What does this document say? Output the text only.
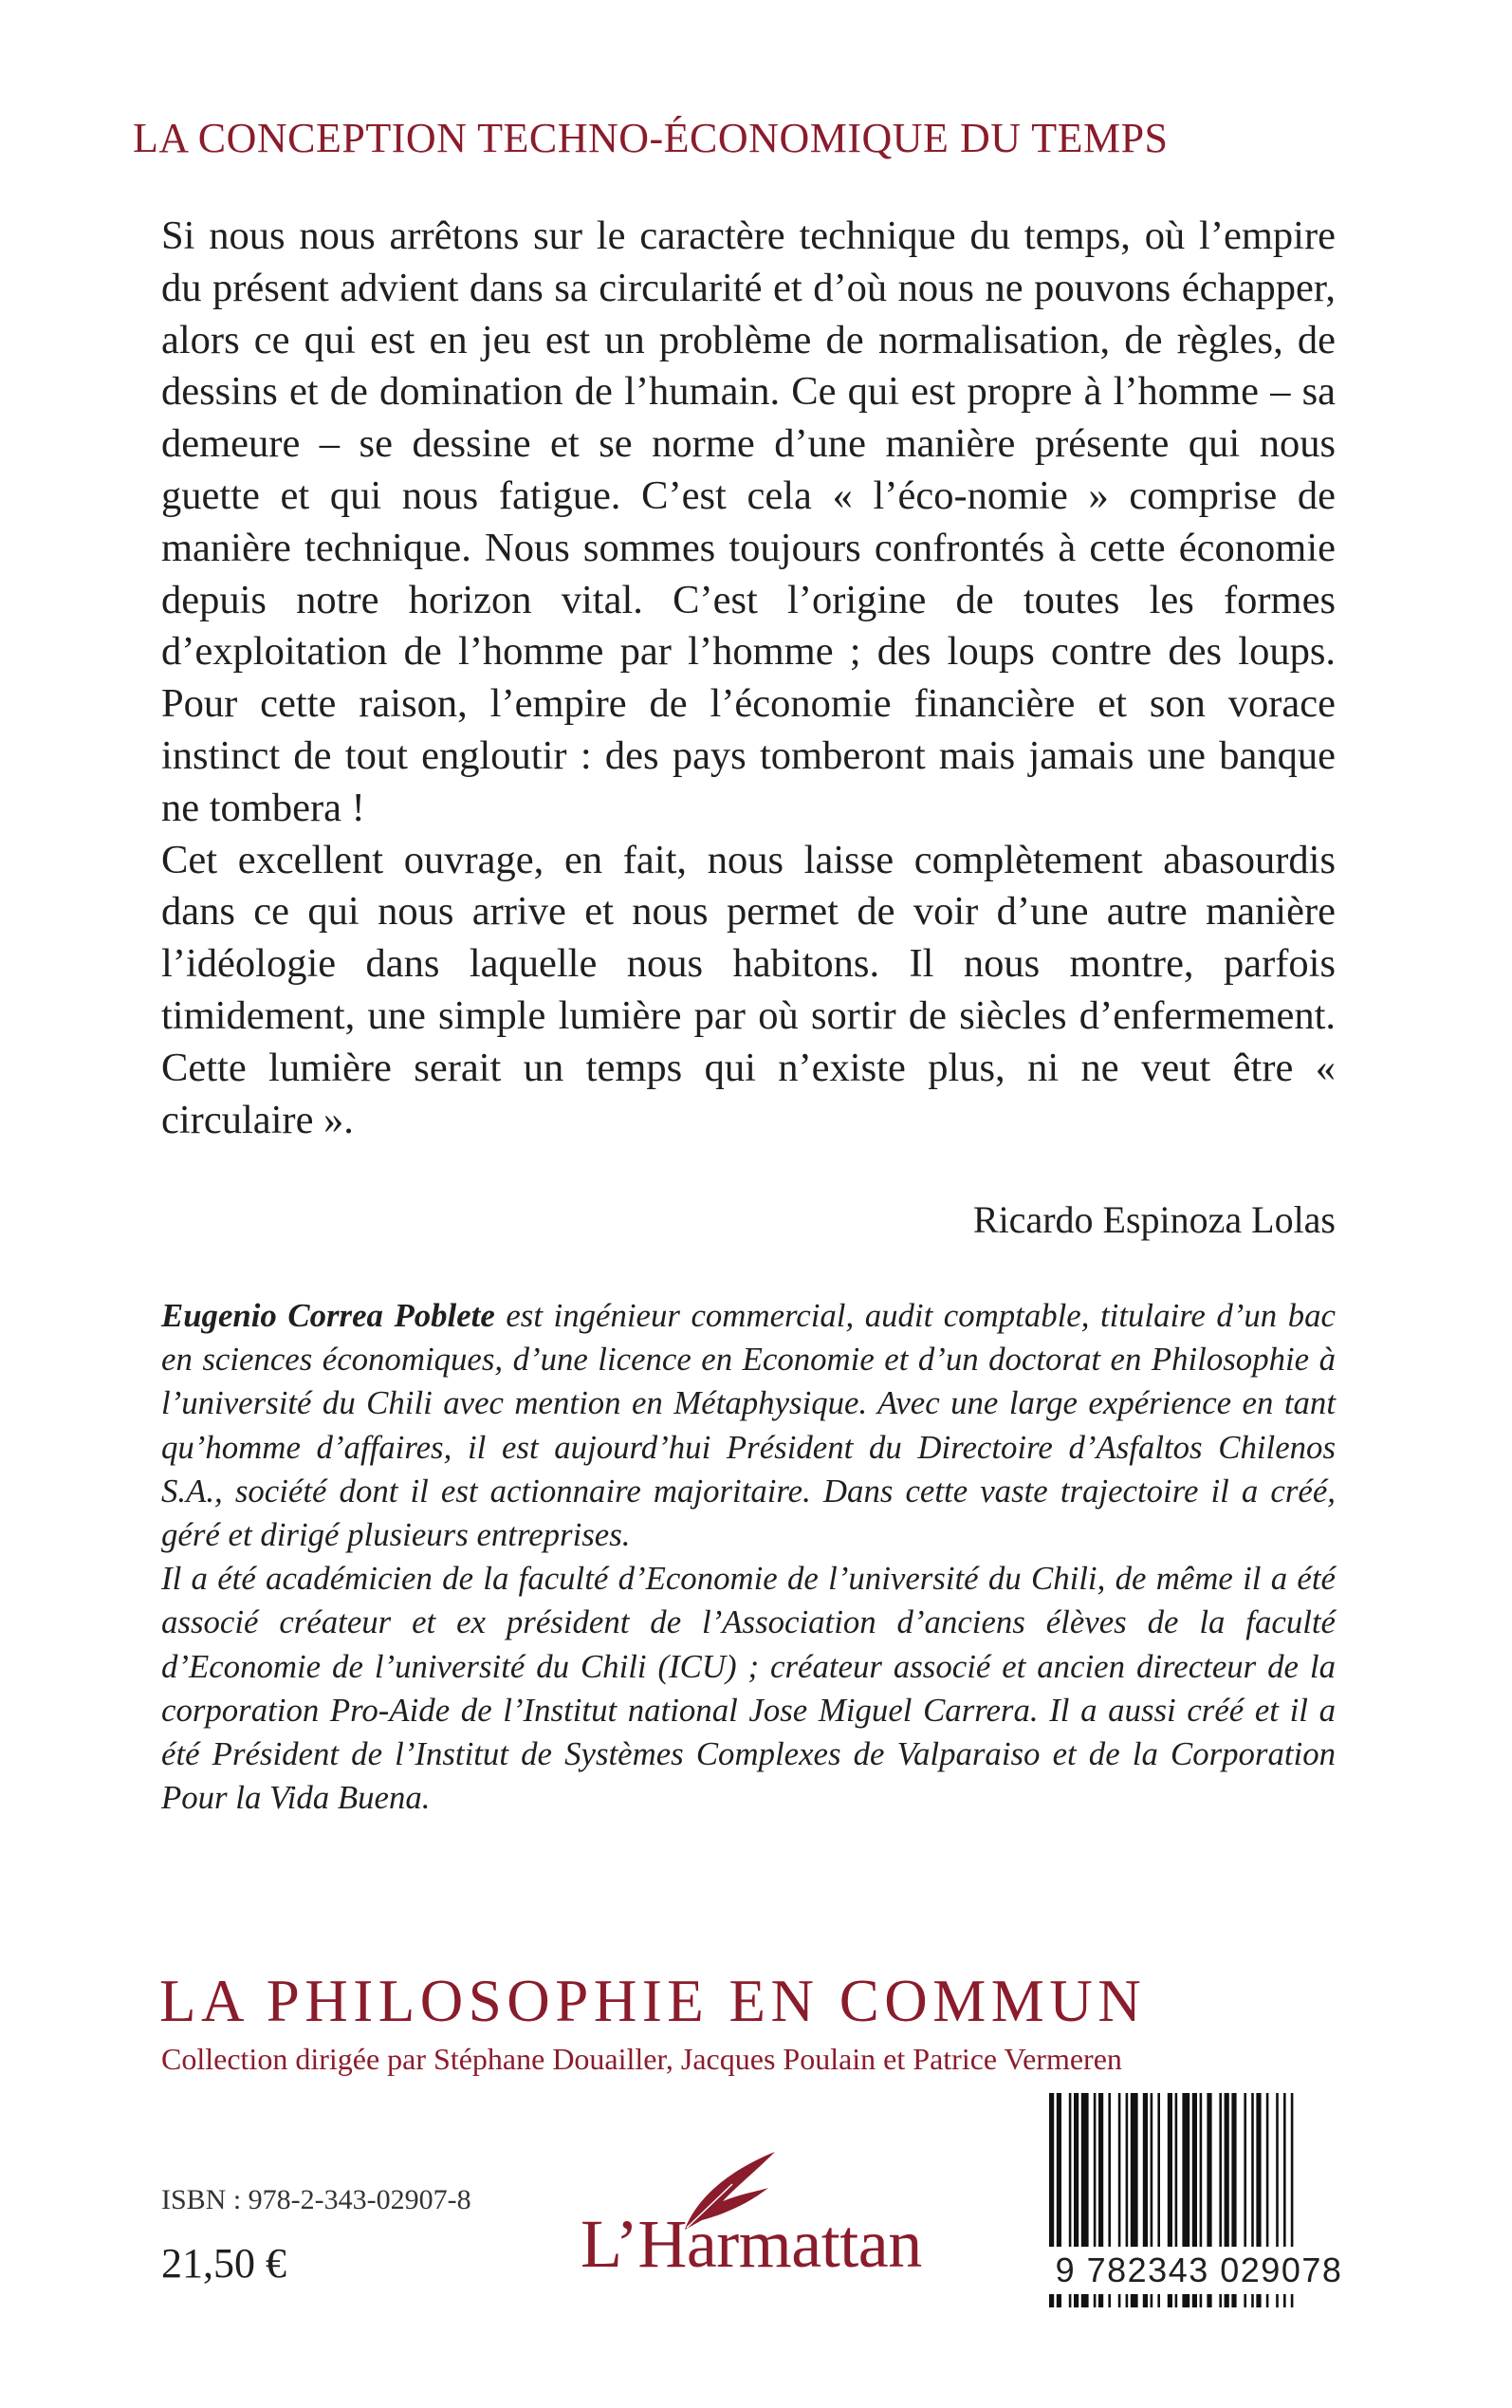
LA CONCEPTION TECHNO-ÉCONOMIQUE DU TEMPS

Si nous nous arrêtons sur le caractère technique du temps, où l’empire du présent advient dans sa circularité et d’où nous ne pouvons échapper, alors ce qui est en jeu est un problème de normalisation, de règles, de dessins et de domination de l’humain. Ce qui est propre à l’homme – sa demeure – se dessine et se norme d’une manière présente qui nous guette et qui nous fatigue. C’est cela « l’éco-nomie » comprise de manière technique. Nous sommes toujours confrontés à cette économie depuis notre horizon vital. C’est l’origine de toutes les formes d’exploitation de l’homme par l’homme ; des loups contre des loups. Pour cette raison, l’empire de l’économie financière et son vorace instinct de tout engloutir : des pays tomberont mais jamais une banque ne tombera !

Cet excellent ouvrage, en fait, nous laisse complètement abasourdis dans ce qui nous arrive et nous permet de voir d’une autre manière l’idéologie dans laquelle nous habitons. Il nous montre, parfois timidement, une simple lumière par où sortir de siècles d’enfermement. Cette lumière serait un temps qui n’existe plus, ni ne veut être « circulaire ».

Ricardo Espinoza Lolas

Eugenio Correa Poblete est ingénieur commercial, audit comptable, titulaire d’un bac en sciences économiques, d’une licence en Economie et d’un doctorat en Philosophie à l’université du Chili avec mention en Métaphysique. Avec une large expérience en tant qu’homme d’affaires, il est aujourd’hui Président du Directoire d’Asfaltos Chilenos S.A., société dont il est actionnaire majoritaire. Dans cette vaste trajectoire il a créé, géré et dirigé plusieurs entreprises.

Il a été académicien de la faculté d’Economie de l’université du Chili, de même il a été associé créateur et ex président de l’Association d’anciens élèves de la faculté d’Economie de l’université du Chili (ICU) ; créateur associé et ancien directeur de la corporation Pro-Aide de l’Institut national Jose Miguel Carrera. Il a aussi créé et il a été Président de l’Institut de Systèmes Complexes de Valparaiso et de la Corporation Pour la Vida Buena.

LA PHILOSOPHIE EN COMMUN
Collection dirigée par Stéphane Douailler, Jacques Poulain et Patrice Vermeren
ISBN : 978-2-343-02907-8
21,50 €	L’Harmattan	9 782343 029078
